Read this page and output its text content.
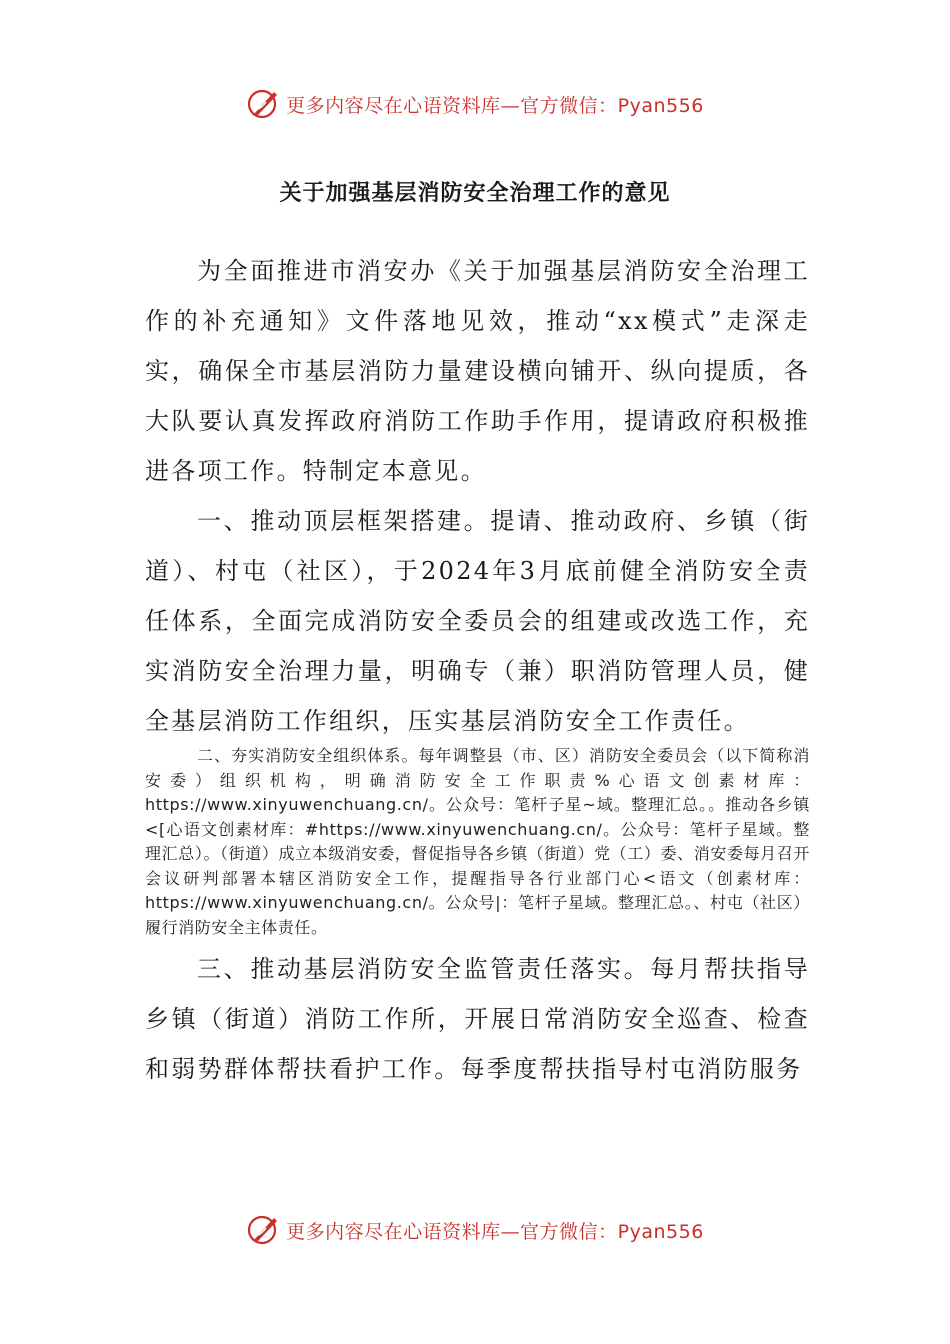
更多内容尽在心语资料库—官方微信：Pyan556
关于加强基层消防安全治理工作的意见
为全面推进市消安办《关于加强基层消防安全治理工作的补充通知》文件落地见效，推动“xx模式”走深走实，确保全市基层消防力量建设横向铺开、纵向提质，各大队要认真发挥政府消防工作助手作用，提请政府积极推进各项工作。特制定本意见。
一、推动顶层框架搭建。提请、推动政府、乡镇（街道）、村屯（社区），于2024年3月底前健全消防安全责任体系，全面完成消防安全委员会的组建或改选工作，充实消防安全治理力量，明确专（兼）职消防管理人员，健全基层消防工作组织，压实基层消防安全工作责任。
二、夯实消防安全组织体系。每年调整县（市、区）消防安全委员会（以下简称消安委）组织机构，明确消防安全工作职责%心语文创素材库：https://www.xinyuwenchuang.cn/。公众号：笔杆子星~域。整理汇总。。推动各乡镇<[心语文创素材库：#https://www.xinyuwenchuang.cn/。公众号：笔杆子星域。整理汇总）。（街道）成立本级消安委，督促指导各乡镇（街道）党（工）委、消安委每月召开会议研判部署本辖区消防安全工作，提醒指导各行业部门心<语文（创素材库：https://www.xinyuwenchuang.cn/。公众号|：笔杆子星域。整理汇总。、村屯（社区）履行消防安全主体责任。
三、推动基层消防安全监管责任落实。每月帮扶指导乡镇（街道）消防工作所，开展日常消防安全巡查、检查和弱势群体帮扶看护工作。每季度帮扶指导村屯消防服务
更多内容尽在心语资料库—官方微信：Pyan556
